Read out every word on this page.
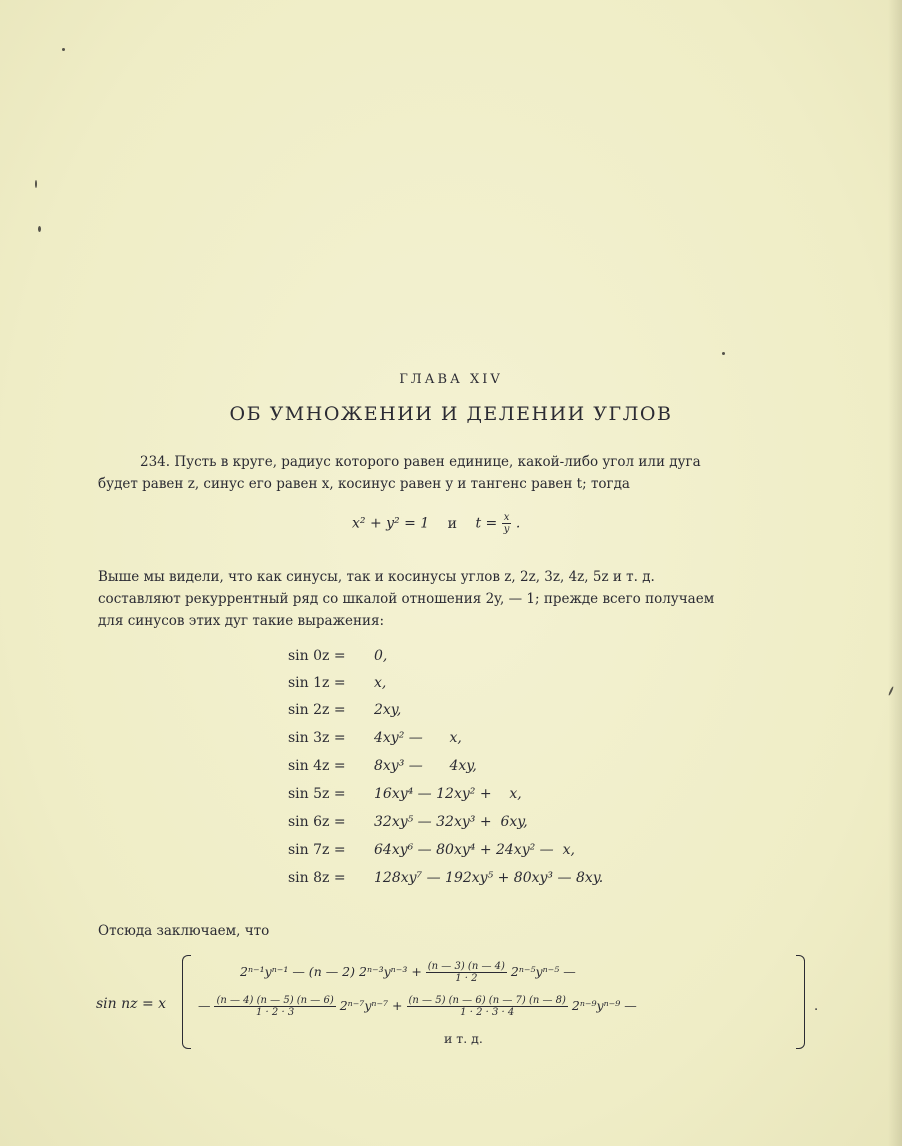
ГЛАВА XIV
ОБ УМНОЖЕНИИ И ДЕЛЕНИИ УГЛОВ
234. Пусть в круге, радиус которого равен единице, какой-либо угол или дуга
будет равен z, синус его равен x, косинус равен y и тангенс равен t; тогда
x² + y² = 1 и $t = \frac{x}{y}$ .
Выше мы видели, что как синусы, так и косинусы углов z, 2z, 3z, 4z, 5z и т. д.
составляют рекуррентный ряд со шкалой отношения 2y, — 1; прежде всего получаем
для синусов этих дуг такие выражения:
sin 0z = 0,
sin 1z = x,
sin 2z = 2xy,
sin 3z = 4xy² —      x,
sin 4z = 8xy³ —      4xy,
sin 5z = 16xy⁴ — 12xy² +    x,
sin 6z = 32xy⁵ — 32xy³ +  6xy,
sin 7z = 64xy⁶ — 80xy⁴ + 24xy² —  x,
sin 8z = 128xy⁷ — 192xy⁵ + 80xy³ — 8xy.
Отсюда заключаем, что
sin nz = x
2ⁿ⁻¹yⁿ⁻¹ — (n — 2) $2^{n-3}y^{n-3} + \frac{(n — 3) (n — 4)}{1 \cdot 2} 2^{n-5}y^{n-5}$ —
— $\frac{(n — 4) (n — 5) (n — 6)}{1 \cdot 2 \cdot 3} 2^{n-7}y^{n-7} + \frac{(n — 5) (n — 6) (n — 7) (n — 8)}{1 \cdot 2 \cdot 3 \cdot 4} 2^{n-9}y^{n-9}$ —
и т. д.
.
